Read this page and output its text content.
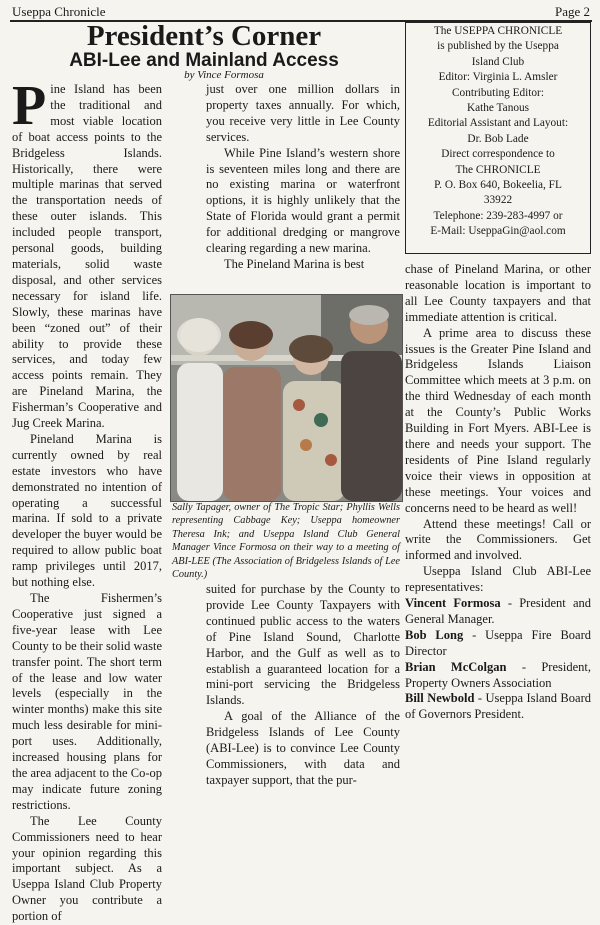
Useppa Chronicle	Page 2
President’s Corner
ABI-Lee and Mainland Access
by Vince Formosa
The USEPPA CHRONICLE
is published by the Useppa
Island Club
Editor: Virginia L. Amsler
Contributing Editor:
Kathe Tanous
Editorial Assistant and Layout:
Dr. Bob Lade
Direct correspondence to
The CHRONICLE
P. O. Box 640, Bokeelia, FL
33922
Telephone: 239-283-4997 or
E-Mail: UseppaGin@aol.com

Pine Island has been the traditional and most viable location of boat access points to the Bridgeless Islands. Historically, there were multiple marinas that served the transportation needs of these outer islands. This included people transport, personal goods, building materials, solid waste disposal, and other services necessary for island life. Slowly, these marinas have been “zoned out” of their ability to provide these services, and today few access points remain. They are Pineland Marina, the Fisherman’s Cooperative and Jug Creek Marina.

Pineland Marina is currently owned by real estate investors who have demonstrated no intention of operating a successful marina. If sold to a private developer the buyer would be required to allow public boat ramp privileges until 2017, but nothing else.

The Fishermen’s Cooperative just signed a five-year lease with Lee County to be their solid waste transfer point. The short term of the lease and low water levels (especially in the winter months) make this site much less desirable for mini-port uses. Additionally, increased housing plans for the area adjacent to the Co-op may indicate future zoning restrictions.

The Lee County Commissioners need to hear your opinion regarding this important subject. As a Useppa Island Club Property Owner you contribute a portion of

just over one million dollars in property taxes annually. For which, you receive very little in Lee County services.

While Pine Island’s western shore is seventeen miles long and there are no existing marina or waterfront options, it is highly unlikely that the State of Florida would grant a permit for additional dredging or mangrove clearing regarding a new marina.

The Pineland Marina is best

Sally Tapager, owner of The Tropic Star; Phyllis Wells representing Cabbage Key; Useppa homeowner Theresa Ink; and Useppa Island Club General Manager Vince Formosa on their way to a meeting of ABI-LEE (The Association of Bridgeless Islands of Lee County.)

suited for purchase by the County to provide Lee County Taxpayers with continued public access to the waters of Pine Island Sound, Charlotte Harbor, and the Gulf as well as to establish a guaranteed location for a mini-port servicing the Bridgeless Islands.

A goal of the Alliance of the Bridgeless Islands of Lee County (ABI-Lee) is to convince Lee County Commissioners, with data and taxpayer support, that the pur-

chase of Pineland Marina, or other reasonable location is important to all Lee County taxpayers and that immediate attention is critical.

A prime area to discuss these issues is the Greater Pine Island and Bridgeless Islands Liaison Committee which meets at 3 p.m. on the third Wednesday of each month at the County’s Public Works Building in Fort Myers. ABI-Lee is there and needs your support. The residents of Pine Island regularly voice their views in opposition at these meetings. Your voices and concerns need to be heard as well!

Attend these meetings! Call or write the Commissioners. Get informed and involved.

Useppa Island Club ABI-Lee representatives:

Vincent Formosa - President and General Manager.

Bob Long - Useppa Fire Board Director

Brian McColgan - President, Property Owners Association

Bill Newbold - Useppa Island Board of Governors President.
